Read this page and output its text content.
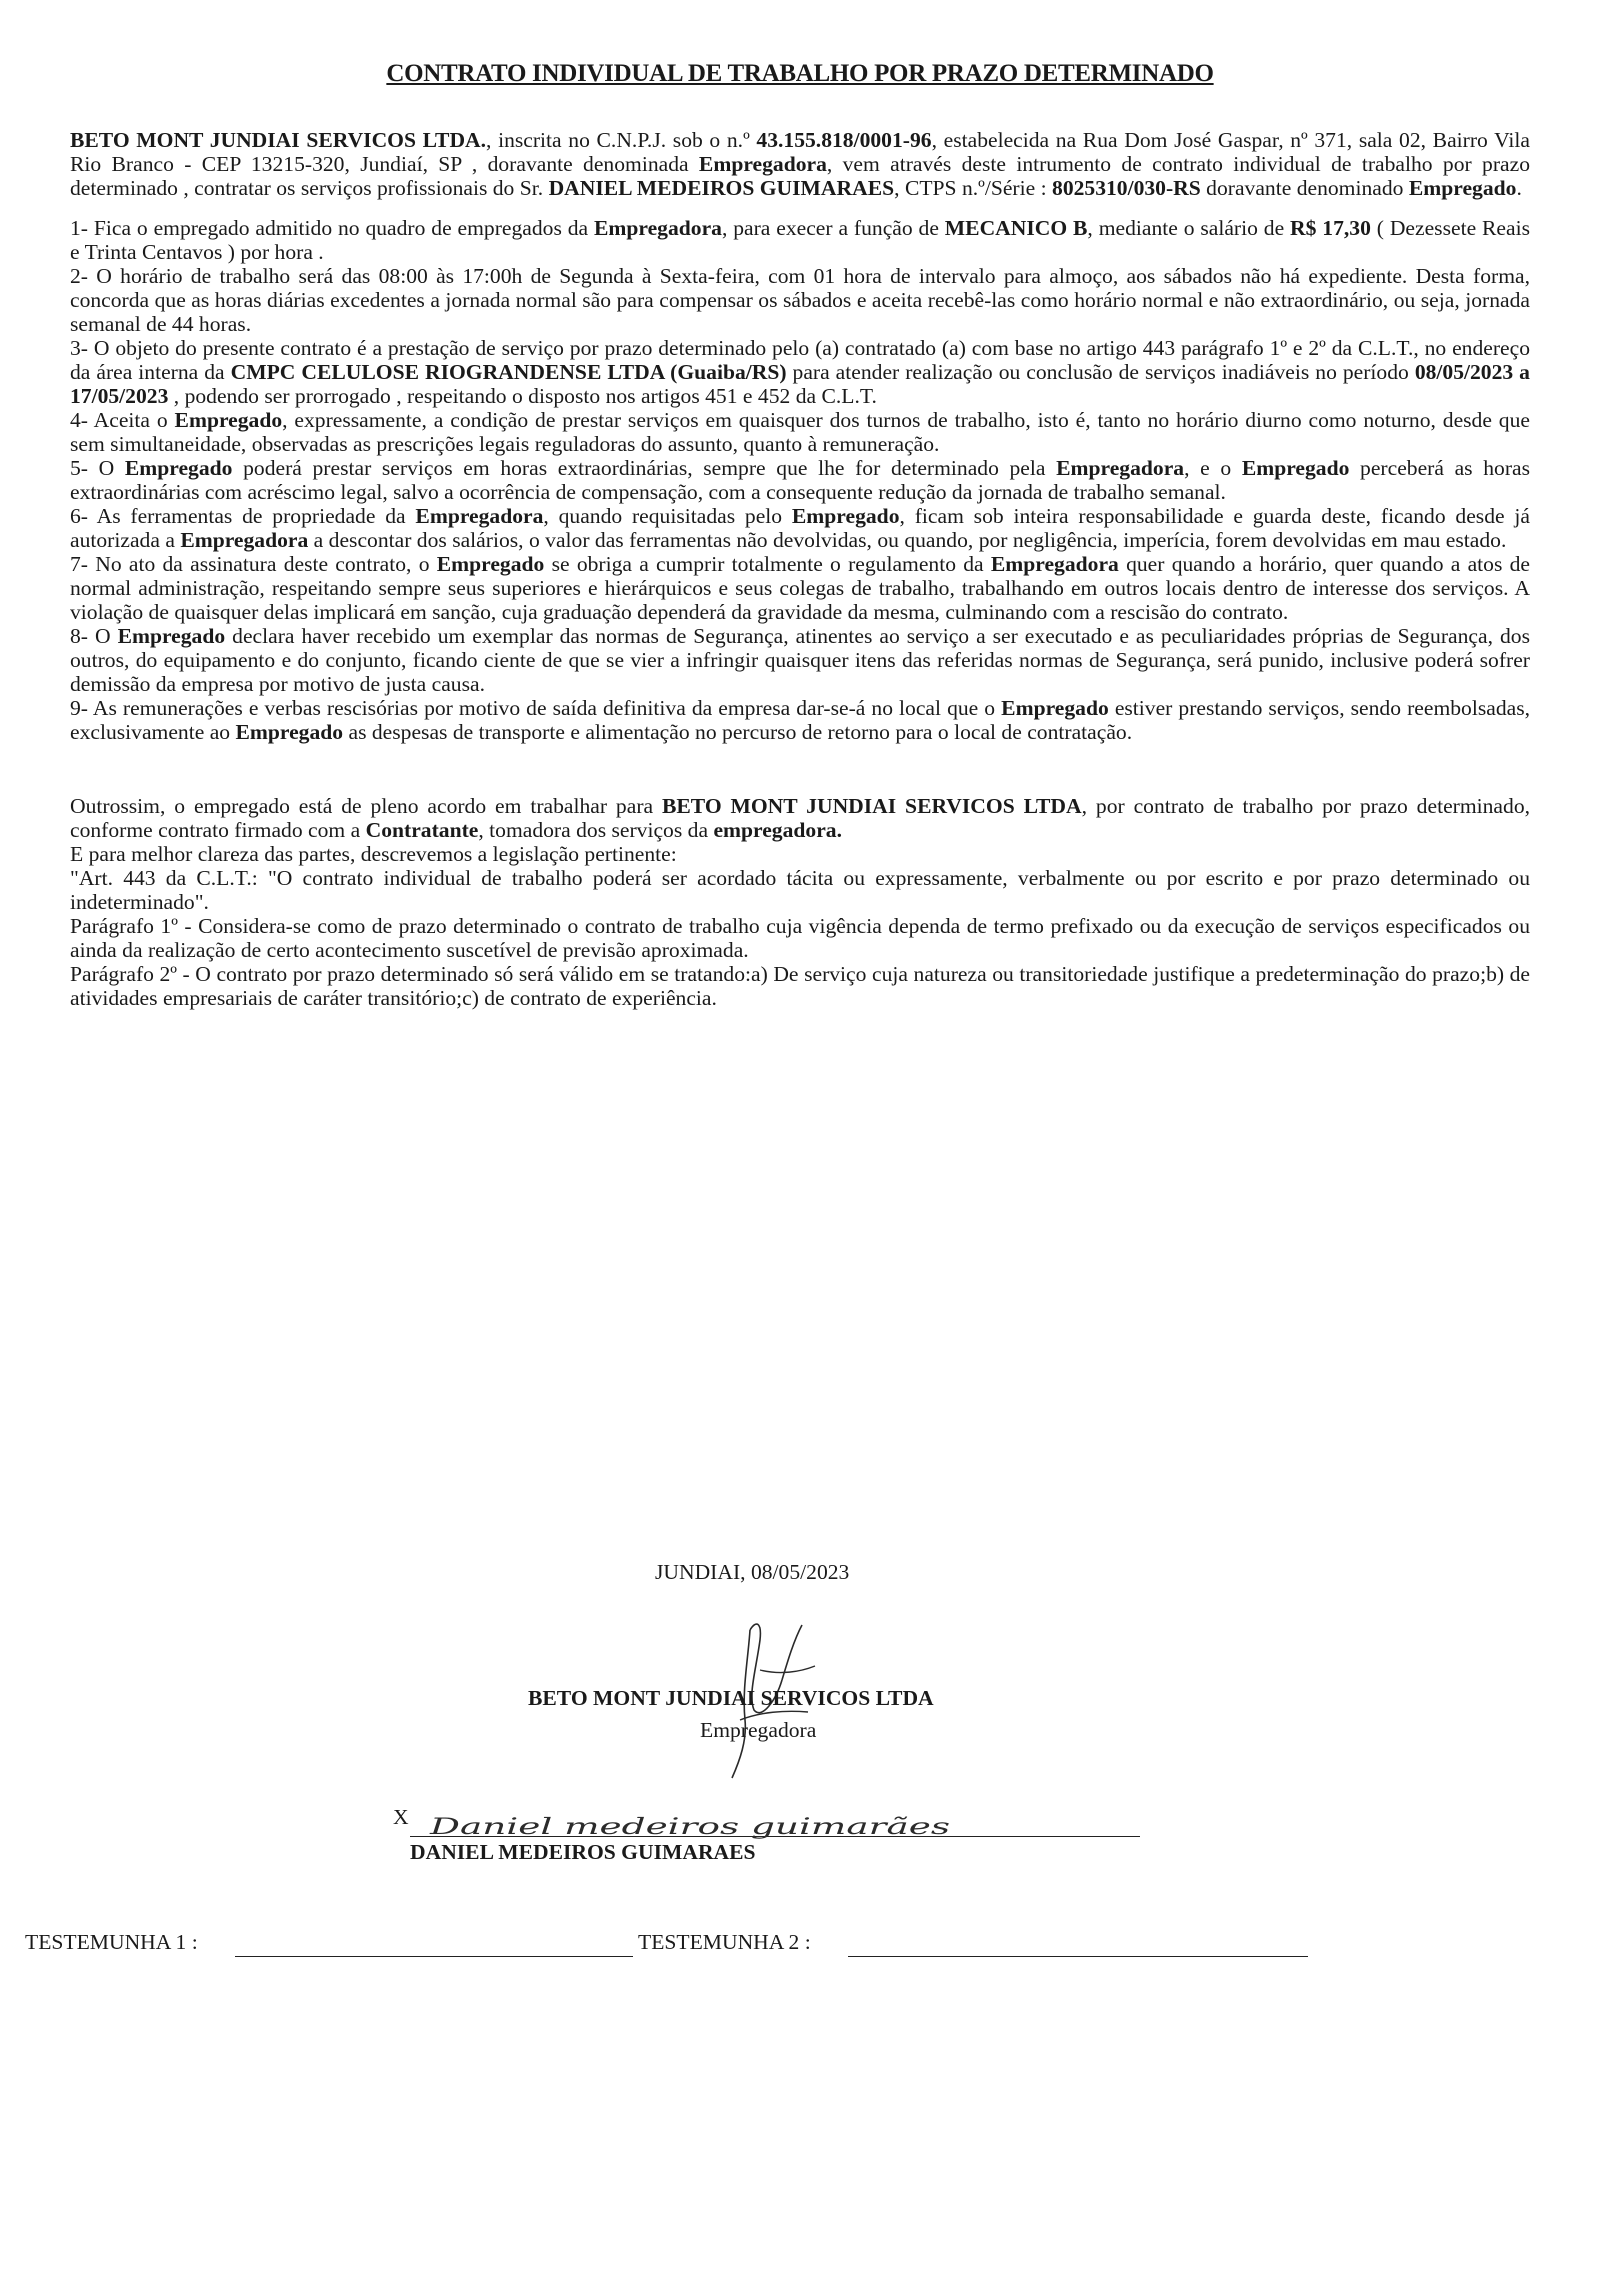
CONTRATO INDIVIDUAL DE TRABALHO POR PRAZO DETERMINADO

BETO MONT JUNDIAI SERVICOS LTDA., inscrita no C.N.P.J. sob o n.º 43.155.818/0001-96, estabelecida na Rua Dom José Gaspar, nº 371, sala 02, Bairro Vila Rio Branco - CEP 13215-320, Jundiaí, SP , doravante denominada Empregadora, vem através deste intrumento de contrato individual de trabalho por prazo determinado , contratar os serviços profissionais do Sr. DANIEL MEDEIROS GUIMARAES, CTPS n.º/Série : 8025310/030-RS doravante denominado Empregado.

1- Fica o empregado admitido no quadro de empregados da Empregadora, para execer a função de MECANICO B, mediante o salário de R$ 17,30 ( Dezessete Reais e Trinta Centavos ) por hora .

2- O horário de trabalho será das 08:00 às 17:00h de Segunda à Sexta-feira, com 01 hora de intervalo para almoço, aos sábados não há expediente. Desta forma, concorda que as horas diárias excedentes a jornada normal são para compensar os sábados e aceita recebê-las como horário normal e não extraordinário, ou seja, jornada semanal de 44 horas.

3- O objeto do presente contrato é a prestação de serviço por prazo determinado pelo (a) contratado (a) com base no artigo 443 parágrafo 1º e 2º da C.L.T., no endereço da área interna da CMPC CELULOSE RIOGRANDENSE LTDA (Guaiba/RS) para atender realização ou conclusão de serviços inadiáveis no período 08/05/2023 a 17/05/2023 , podendo ser prorrogado , respeitando o disposto nos artigos 451 e 452 da C.L.T.

4- Aceita o Empregado, expressamente, a condição de prestar serviços em quaisquer dos turnos de trabalho, isto é, tanto no horário diurno como noturno, desde que sem simultaneidade, observadas as prescrições legais reguladoras do assunto, quanto à remuneração.

5- O Empregado poderá prestar serviços em horas extraordinárias, sempre que lhe for determinado pela Empregadora, e o Empregado perceberá as horas extraordinárias com acréscimo legal, salvo a ocorrência de compensação, com a consequente redução da jornada de trabalho semanal.

6- As ferramentas de propriedade da Empregadora, quando requisitadas pelo Empregado, ficam sob inteira responsabilidade e guarda deste, ficando desde já autorizada a Empregadora a descontar dos salários, o valor das ferramentas não devolvidas, ou quando, por negligência, imperícia, forem devolvidas em mau estado.

7- No ato da assinatura deste contrato, o Empregado se obriga a cumprir totalmente o regulamento da Empregadora quer quando a horário, quer quando a atos de normal administração, respeitando sempre seus superiores e hierárquicos e seus colegas de trabalho, trabalhando em outros locais dentro de interesse dos serviços. A violação de quaisquer delas implicará em sanção, cuja graduação dependerá da gravidade da mesma, culminando com a rescisão do contrato.

8- O Empregado declara haver recebido um exemplar das normas de Segurança, atinentes ao serviço a ser executado e as peculiaridades próprias de Segurança, dos outros, do equipamento e do conjunto, ficando ciente de que se vier a infringir quaisquer itens das referidas normas de Segurança, será punido, inclusive poderá sofrer demissão da empresa por motivo de justa causa.

9- As remunerações e verbas rescisórias por motivo de saída definitiva da empresa dar-se-á no local que o Empregado estiver prestando serviços, sendo reembolsadas, exclusivamente ao Empregado as despesas de transporte e alimentação no percurso de retorno para o local de contratação.

Outrossim, o empregado está de pleno acordo em trabalhar para BETO MONT JUNDIAI SERVICOS LTDA, por contrato de trabalho por prazo determinado, conforme contrato firmado com a Contratante, tomadora dos serviços da empregadora.

E para melhor clareza das partes, descrevemos a legislação pertinente:

"Art. 443 da C.L.T.: "O contrato individual de trabalho poderá ser acordado tácita ou expressamente, verbalmente ou por escrito e por prazo determinado ou indeterminado".

Parágrafo 1º - Considera-se como de prazo determinado o contrato de trabalho cuja vigência dependa de termo prefixado ou da execução de serviços especificados ou ainda da realização de certo acontecimento suscetível de previsão aproximada.

Parágrafo 2º - O contrato por prazo determinado só será válido em se tratando:a) De serviço cuja natureza ou transitoriedade justifique a predeterminação do prazo;b) de atividades empresariais de caráter transitório;c) de contrato de experiência.

JUNDIAI, 08/05/2023
BETO MONT JUNDIAI SERVICOS LTDA
Empregadora
X Daniel medeiros guimarães
DANIEL MEDEIROS GUIMARAES
TESTEMUNHA 1 :	TESTEMUNHA 2 :
